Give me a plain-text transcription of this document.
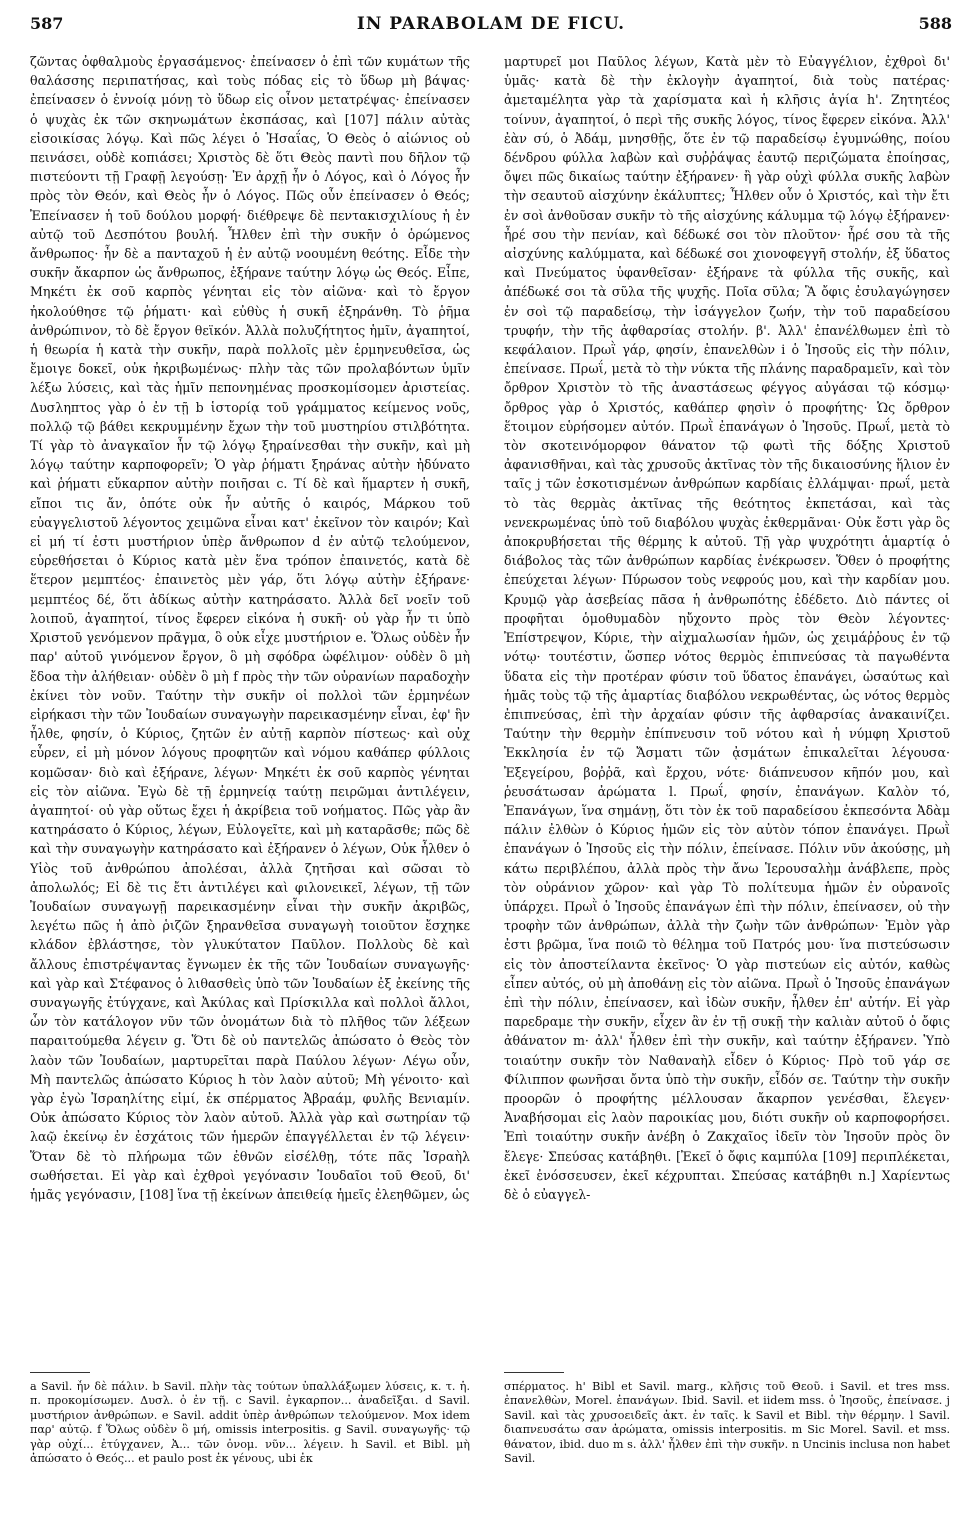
587	IN PARABOLAM DE FICU.	588

ζῶντας ὀφθαλμοὺς ἐργασάμενος· ἐπείνασεν ὁ ἐπὶ τῶν κυμάτων τῆς θαλάσσης περιπατήσας, καὶ τοὺς πόδας εἰς τὸ ὕδωρ μὴ βάψας· ἐπείνασεν ὁ ἐννοίᾳ μόνῃ τὸ ὕδωρ εἰς οἶνον μετατρέψας· ἐπείνασεν ὁ ψυχὰς ἐκ τῶν σκηνωμάτων ἐκσπάσας, καὶ [107] πάλιν αὐτὰς εἰσοικίσας λόγῳ. Καὶ πῶς λέγει ὁ Ἡσαΐας, Ὁ Θεὸς ὁ αἰώνιος οὐ πεινάσει, οὐδὲ κοπιάσει; Χριστὸς δὲ ὅτι Θεὸς παντὶ που δῆλον τῷ πιστεύοντι τῇ Γραφῇ λεγούσῃ· Ἐν ἀρχῇ ἦν ὁ Λόγος, καὶ ὁ Λόγος ἦν πρὸς τὸν Θεόν, καὶ Θεὸς ἦν ὁ Λόγος. Πῶς οὖν ἐπείνασεν ὁ Θεός; Ἐπείνασεν ἡ τοῦ δούλου μορφή· διέθρεψε δὲ πεντακισχιλίους ἡ ἐν αὐτῷ τοῦ Δεσπότου βουλή. Ἦλθεν ἐπὶ τὴν συκῆν ὁ ὁρώμενος ἄνθρωπος· ἦν δὲ a πανταχοῦ ἡ ἐν αὐτῷ νοουμένη θεότης. Εἶδε τὴν συκῆν ἄκαρπον ὡς ἄνθρωπος, ἐξήρανε ταύτην λόγῳ ὡς Θεός. Εἶπε, Μηκέτι ἐκ σοῦ καρπὸς γένηται εἰς τὸν αἰῶνα· καὶ τὸ ἔργον ἠκολούθησε τῷ ῥήματι· καὶ εὐθὺς ἡ συκῆ ἐξηράνθη. Τὸ ῥῆμα ἀνθρώπινον, τὸ δὲ ἔργον θεϊκόν. Ἀλλὰ πολυζήτητος ἡμῖν, ἀγαπητοί, ἡ θεωρία ἡ κατὰ τὴν συκῆν, παρὰ πολλοῖς μὲν ἑρμηνευθεῖσα, ὡς ἔμοιγε δοκεῖ, οὐκ ἠκριβωμένως· πλὴν τὰς τῶν προλαβόντων ὑμῖν λέξω λύσεις, καὶ τὰς ἡμῖν πεπονημένας προσκομίσομεν ἀριστείας. Δυσληπτος γὰρ ὁ ἐν τῇ b ἱστορίᾳ τοῦ γράμματος κείμενος νοῦς, πολλῷ τῷ βάθει κεκρυμμένην ἔχων τὴν τοῦ μυστηρίου στιλβότητα. Τί γὰρ τὸ ἀναγκαῖον ἦν τῷ λόγῳ ξηραίνεσθαι τὴν συκῆν, καὶ μὴ λόγῳ ταύτην καρποφορεῖν; Ὁ γὰρ ῥήματι ξηράνας αὐτὴν ἠδύνατο καὶ ῥήματι εὔκαρπον αὐτὴν ποιῆσαι c. Τί δὲ καὶ ἥμαρτεν ἡ συκῆ, εἴποι τις ἄν, ὁπότε οὐκ ἦν αὐτῆς ὁ καιρός, Μάρκου τοῦ εὐαγγελιστοῦ λέγοντος χειμῶνα εἶναι κατ' ἐκεῖνον τὸν καιρόν; Καὶ εἰ μή τί ἐστι μυστήριον ὑπὲρ ἄνθρωπον d ἐν αὐτῷ τελούμενον, εὑρεθήσεται ὁ Κύριος κατὰ μὲν ἕνα τρόπον ἐπαινετός, κατὰ δὲ ἕτερον μεμπτέος· ἐπαινετὸς μὲν γάρ, ὅτι λόγῳ αὐτὴν ἐξήρανε· μεμπτέος δέ, ὅτι ἀδίκως αὐτὴν κατηράσατο. Ἀλλὰ δεῖ νοεῖν τοῦ λοιποῦ, ἀγαπητοί, τίνος ἔφερεν εἰκόνα ἡ συκῆ· οὐ γὰρ ἦν τι ὑπὸ Χριστοῦ γενόμενον πρᾶγμα, ὃ οὐκ εἶχε μυστήριον e. Ὅλως οὐδὲν ἦν παρ' αὐτοῦ γινόμενον ἔργον, ὃ μὴ σφόδρα ὠφέλιμον· οὐδὲν ὃ μὴ ἔδοα τὴν ἀλήθειαν· οὐδὲν ὃ μὴ f πρὸς τὴν τῶν οὐρανίων παραδοχὴν ἐκίνει τὸν νοῦν. Ταύτην τὴν συκῆν οἱ πολλοὶ τῶν ἑρμηνέων εἰρήκασι τὴν τῶν Ἰουδαίων συναγωγὴν παρεικασμένην εἶναι, ἐφ' ἣν ἦλθε, φησίν, ὁ Κύριος, ζητῶν ἐν αὐτῇ καρπὸν πίστεως· καὶ οὐχ εὗρεν, εἰ μὴ μόνον λόγους προφητῶν καὶ νόμου καθάπερ φύλλοις κομῶσαν· διὸ καὶ ἐξήρανε, λέγων· Μηκέτι ἐκ σοῦ καρπὸς γένηται εἰς τὸν αἰῶνα. Ἐγὼ δὲ τῇ ἑρμηνείᾳ ταύτῃ πειρῶμαι ἀντιλέγειν, ἀγαπητοί· οὐ γὰρ οὕτως ἔχει ἡ ἀκρίβεια τοῦ νοήματος. Πῶς γὰρ ἂν κατηράσατο ὁ Κύριος, λέγων, Εὐλογεῖτε, καὶ μὴ καταρᾶσθε; πῶς δὲ καὶ τὴν συναγωγὴν κατηράσατο καὶ ἐξήρανεν ὁ λέγων, Οὐκ ἦλθεν ὁ Υἱὸς τοῦ ἀνθρώπου ἀπολέσαι, ἀλλὰ ζητῆσαι καὶ σῶσαι τὸ ἀπολωλός; Εἰ δὲ τις ἔτι ἀντιλέγει καὶ φιλονεικεῖ, λέγων, τῇ τῶν Ἰουδαίων συναγωγῇ παρεικασμένην εἶναι τὴν συκῆν ἀκριβῶς, λεγέτω πῶς ἡ ἀπὸ ῥιζῶν ξηρανθεῖσα συναγωγὴ τοιοῦτον ἔσχηκε κλάδον ἐβλάστησε, τὸν γλυκύτατον Παῦλον. Πολλοὺς δὲ καὶ ἄλλους ἐπιστρέψαντας ἔγνωμεν ἐκ τῆς τῶν Ἰουδαίων συναγωγῆς· καὶ γὰρ καὶ Στέφανος ὁ λιθασθεὶς ὑπὸ τῶν Ἰουδαίων ἐξ ἐκείνης τῆς συναγωγῆς ἐτύγχανε, καὶ Ἀκύλας καὶ Πρίσκιλλα καὶ πολλοὶ ἄλλοι, ὧν τὸν κατάλογον νῦν τῶν ὀνομάτων διὰ τὸ πλῆθος τῶν λέξεων παραιτούμεθα λέγειν g. Ὅτι δὲ οὐ παντελῶς ἀπώσατο ὁ Θεὸς τὸν λαὸν τῶν Ἰουδαίων, μαρτυρεῖται παρὰ Παύλου λέγων· Λέγω οὖν, Μὴ παντελῶς ἀπώσατο Κύριος h τὸν λαὸν αὐτοῦ; Μὴ γένοιτο· καὶ γὰρ ἐγὼ Ἰσραηλίτης εἰμί, ἐκ σπέρματος Ἀβραάμ, φυλῆς Βενιαμίν. Οὐκ ἀπώσατο Κύριος τὸν λαὸν αὐτοῦ. Ἀλλὰ γὰρ καὶ σωτηρίαν τῷ λαῷ ἐκείνῳ ἐν ἐσχάτοις τῶν ἡμερῶν ἐπαγγέλλεται ἐν τῷ λέγειν· Ὅταν δὲ τὸ πλήρωμα τῶν ἐθνῶν εἰσέλθῃ, τότε πᾶς Ἰσραὴλ σωθήσεται. Εἰ γὰρ καὶ ἐχθροὶ γεγόνασιν Ἰουδαῖοι τοῦ Θεοῦ, δι' ἡμᾶς γεγόνασιν, [108] ἵνα τῇ ἐκείνων ἀπειθείᾳ ἡμεῖς ἐλεηθῶμεν, ὡς

μαρτυρεῖ μοι Παῦλος λέγων, Κατὰ μὲν τὸ Εὐαγγέλιον, ἐχθροὶ δι' ὑμᾶς· κατὰ δὲ τὴν ἐκλογὴν ἀγαπητοί, διὰ τοὺς πατέρας· ἀμεταμέλητα γὰρ τὰ χαρίσματα καὶ ἡ κλῆσις ἁγία h'. Ζητητέος τοίνυν, ἀγαπητοί, ὁ περὶ τῆς συκῆς λόγος, τίνος ἔφερεν εἰκόνα. Ἀλλ' ἐὰν σύ, ὁ Ἀδάμ, μνησθῇς, ὅτε ἐν τῷ παραδείσῳ ἐγυμνώθης, ποίου δένδρου φύλλα λαβὼν καὶ συῤῥάψας ἑαυτῷ περιζώματα ἐποίησας, ὄψει πῶς δικαίως ταύτην ἐξήρανεν· ἢ γὰρ οὐχὶ φύλλα συκῆς λαβὼν τὴν σεαυτοῦ αἰσχύνην ἐκάλυπτες; Ἦλθεν οὖν ὁ Χριστός, καὶ τὴν ἔτι ἐν σοὶ ἀνθοῦσαν συκῆν τὸ τῆς αἰσχύνης κάλυμμα τῷ λόγῳ ἐξήρανεν· ἦρέ σου τὴν πενίαν, καὶ δέδωκέ σοι τὸν πλοῦτον· ἦρέ σου τὰ τῆς αἰσχύνης καλύμματα, καὶ δέδωκέ σοι χιονοφεγγῆ στολήν, ἐξ ὕδατος καὶ Πνεύματος ὑφανθεῖσαν· ἐξήρανε τὰ φύλλα τῆς συκῆς, καὶ ἀπέδωκέ σοι τὰ σῦλα τῆς ψυχῆς. Ποῖα σῦλα; Ἃ ὄφις ἐσυλαγώγησεν ἐν σοὶ τῷ παραδείσῳ, τὴν ἰσάγγελον ζωήν, τὴν τοῦ παραδείσου τρυφήν, τὴν τῆς ἀφθαρσίας στολήν. β'. Ἀλλ' ἐπανέλθωμεν ἐπὶ τὸ κεφάλαιον. Πρωῒ γάρ, φησίν, ἐπανελθὼν i ὁ Ἰησοῦς εἰς τὴν πόλιν, ἐπείνασε. Πρωΐ, μετὰ τὸ τὴν νύκτα τῆς πλάνης παραδραμεῖν, καὶ τὸν ὄρθρον Χριστὸν τὸ τῆς ἀναστάσεως φέγγος αὐγάσαι τῷ κόσμῳ· ὄρθρος γὰρ ὁ Χριστός, καθάπερ φησὶν ὁ προφήτης· Ὡς ὄρθρον ἕτοιμον εὑρήσομεν αὐτόν. Πρωῒ ἐπανάγων ὁ Ἰησοῦς. Πρωΐ, μετὰ τὸ τὸν σκοτεινόμορφον θάνατον τῷ φωτὶ τῆς δόξης Χριστοῦ ἀφανισθῆναι, καὶ τὰς χρυσοῦς ἀκτῖνας τὸν τῆς δικαιοσύνης ἥλιον ἐν ταῖς j τῶν ἐσκοτισμένων ἀνθρώπων καρδίαις ἐλλάμψαι· πρωΐ, μετὰ τὸ τὰς θερμὰς ἀκτῖνας τῆς θεότητος ἐκπετάσαι, καὶ τὰς νενεκρωμένας ὑπὸ τοῦ διαβόλου ψυχὰς ἐκθερμᾶναι· Οὐκ ἔστι γὰρ ὃς ἀποκρυβήσεται τῆς θέρμης k αὐτοῦ. Τῇ γὰρ ψυχρότητι ἁμαρτίᾳ ὁ διάβολος τὰς τῶν ἀνθρώπων καρδίας ἐνέκρωσεν. Ὅθεν ὁ προφήτης ἐπεύχεται λέγων· Πύρωσον τοὺς νεφρούς μου, καὶ τὴν καρδίαν μου. Κρυμῷ γὰρ ἀσεβείας πᾶσα ἡ ἀνθρωπότης ἐδέδετο. Διὸ πάντες οἱ προφῆται ὁμοθυμαδὸν ηὔχοντο πρὸς τὸν Θεὸν λέγοντες· Ἐπίστρεψον, Κύριε, τὴν αἰχμαλωσίαν ἡμῶν, ὡς χειμάῤῥους ἐν τῷ νότῳ· τουτέστιν, ὥσπερ νότος θερμὸς ἐπιπνεύσας τὰ παγωθέντα ὕδατα εἰς τὴν προτέραν φύσιν τοῦ ὕδατος ἐπανάγει, ὡσαύτως καὶ ἡμᾶς τοὺς τῷ τῆς ἁμαρτίας διαβόλου νεκρωθέντας, ὡς νότος θερμὸς ἐπιπνεύσας, ἐπὶ τὴν ἀρχαίαν φύσιν τῆς ἀφθαρσίας ἀνακαινίζει. Ταύτην τὴν θερμὴν ἐπίπνευσιν τοῦ νότου καὶ ἡ νύμφη Χριστοῦ Ἐκκλησία ἐν τῷ Ἄσματι τῶν ᾀσμάτων ἐπικαλεῖται λέγουσα· Ἐξεγείρου, βοῤῥᾶ, καὶ ἔρχου, νότε· διάπνευσον κῆπόν μου, καὶ ῥευσάτωσαν ἀρώματα l. Πρωΐ, φησίν, ἐπανάγων. Καλὸν τό, Ἐπανάγων, ἵνα σημάνῃ, ὅτι τὸν ἐκ τοῦ παραδείσου ἐκπεσόντα Ἀδὰμ πάλιν ἐλθὼν ὁ Κύριος ἡμῶν εἰς τὸν αὐτὸν τόπον ἐπανάγει. Πρωῒ ἐπανάγων ὁ Ἰησοῦς εἰς τὴν πόλιν, ἐπείνασε. Πόλιν νῦν ἀκούσῃς, μὴ κάτω περιβλέπου, ἀλλὰ πρὸς τὴν ἄνω Ἱερουσαλὴμ ἀνάβλεπε, πρὸς τὸν οὐράνιον χῶρον· καὶ γὰρ Τὸ πολίτευμα ἡμῶν ἐν οὐρανοῖς ὑπάρχει. Πρωῒ ὁ Ἰησοῦς ἐπανάγων ἐπὶ τὴν πόλιν, ἐπείνασεν, οὐ τὴν τροφὴν τῶν ἀνθρώπων, ἀλλὰ τὴν ζωὴν τῶν ἀνθρώπων· Ἐμὸν γὰρ ἐστι βρῶμα, ἵνα ποιῶ τὸ θέλημα τοῦ Πατρός μου· ἵνα πιστεύσωσιν εἰς τὸν ἀποστείλαντα ἐκεῖνος· Ὁ γὰρ πιστεύων εἰς αὐτόν, καθὼς εἶπεν αὐτός, οὐ μὴ ἀποθάνῃ εἰς τὸν αἰῶνα. Πρωῒ ὁ Ἰησοῦς ἐπανάγων ἐπὶ τὴν πόλιν, ἐπείνασεν, καὶ ἰδὼν συκῆν, ἦλθεν ἐπ' αὐτήν. Εἰ γὰρ παρεδραμε τὴν συκῆν, εἶχεν ἂν ἐν τῇ συκῇ τὴν καλιὰν αὐτοῦ ὁ ὄφις ἀθάνατον m· ἀλλ' ἦλθεν ἐπὶ τὴν συκῆν, καὶ ταύτην ἐξήρανεν. Ὑπὸ τοιαύτην συκῆν τὸν Ναθαναὴλ εἶδεν ὁ Κύριος· Πρὸ τοῦ γάρ σε Φίλιππον φωνῆσαι ὄντα ὑπὸ τὴν συκῆν, εἶδόν σε. Ταύτην τὴν συκῆν προορῶν ὁ προφήτης μέλλουσαν ἄκαρπον γενέσθαι, ἔλεγεν· Ἀναβήσομαι εἰς λαὸν παροικίας μου, διότι συκῆν οὐ καρποφορήσει. Ἐπὶ τοιαύτην συκῆν ἀνέβη ὁ Ζακχαῖος ἰδεῖν τὸν Ἰησοῦν πρὸς ὃν ἔλεγε· Σπεύσας κατάβηθι. [Ἐκεῖ ὁ ὄφις καμπύλα [109] περιπλέκεται, ἐκεῖ ἐνόσσευσεν, ἐκεῖ κέχρυπται. Σπεύσας κατάβηθι n.] Χαρίεντως δὲ ὁ εὐαγγελ-

a Savil. ἦν δὲ πάλιν. b Savil. πλὴν τὰς τούτων ὑπαλλάξωμεν λύσεις, κ. τ. ἡ. π. προκομίσωμεν. Δυσλ. ὁ ἐν τῇ. c Savil. ἐγκαρπον... ἀναδεῖξαι. d Savil. μυστήριον ἀνθρώπων. e Savil. addit ὑπὲρ ἀνθρώπων τελούμενον. Mox idem παρ' αὐτῷ. f Ὅλως οὐδὲν ὃ μή, omissis interpositis. g Savil. συναγωγῆς· τῷ γὰρ οὐχί... ἐτύγχανεν, Ἀ... τῶν ὀνομ. νῦν... λέγειν. h Savil. et Bibl. μὴ ἀπώσατο ὁ Θεός... et paulo post ἐκ γένους, ubi ἐκ

σπέρματος. h' Bibl et Savil. marg., κλῆσις τοῦ Θεοῦ. i Savil. et tres mss. ἐπανελθὼν, Morel. ἐπανάγων. Ibid. Savil. et iidem mss. ὁ Ἰησοῦς, ἐπείνασε. j Savil. καὶ τὰς χρυσοειδεῖς ἀκτ. ἐν ταῖς. k Savil et Bibl. τὴν θέρμην. l Savil. διαπνευσάτω σαν ἀρώματα, omissis interpositis. m Sic Morel. Savil. et mss. θάνατον, ibid. duo m s. ἀλλ' ἦλθεν ἐπὶ τὴν συκῆν. n Uncinis inclusa non habet Savil.
